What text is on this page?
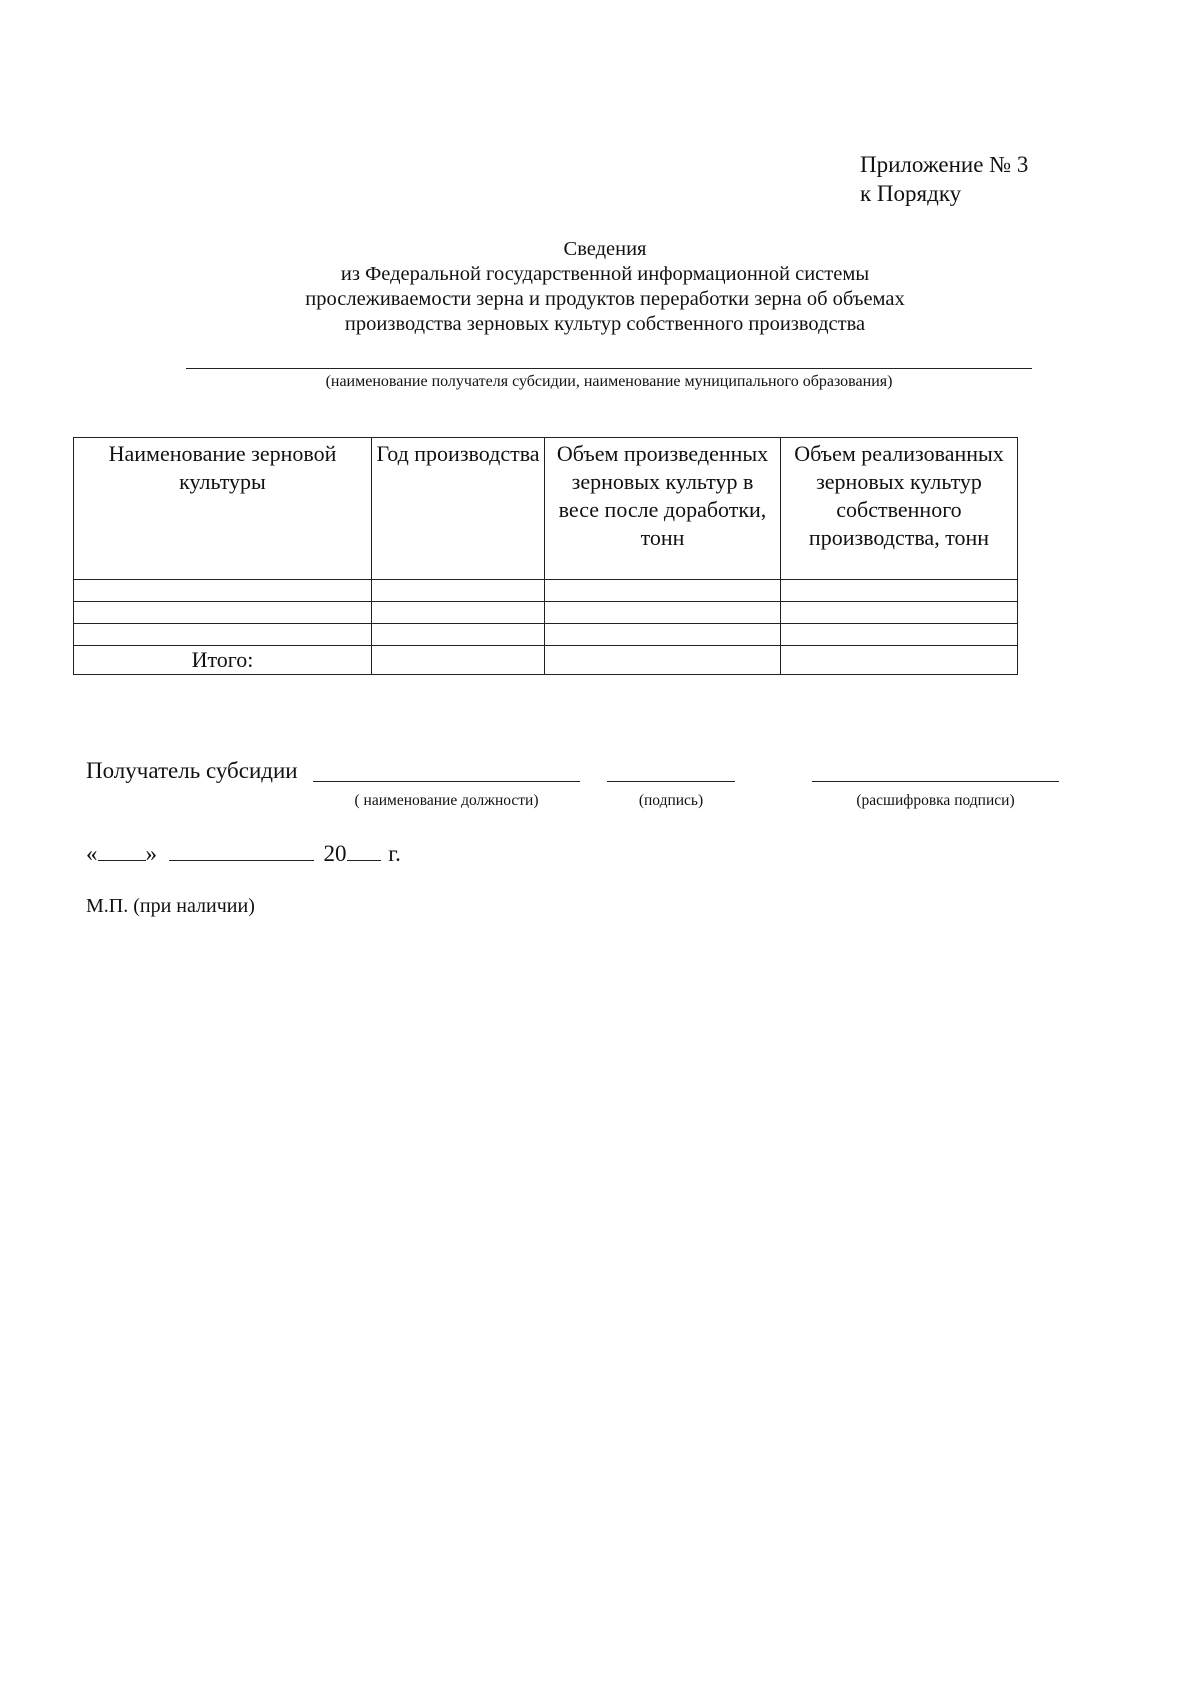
Приложение № 3
к Порядку
Сведения
из Федеральной государственной информационной системы
прослеживаемости зерна и продуктов переработки зерна об объемах
производства зерновых культур собственного производства
(наименование получателя субсидии, наименование муниципального образования)
Наименование зерновой культуры	Год производства	Объем произведенных зерновых культур в весе после доработки, тонн	Объем реализованных зерновых культур собственного производства, тонн

Итого:			
Получатель субсидии
( наименование должности)	(подпись)	(расшифровка подписи)
« »	20 г.
М.П. (при наличии)
